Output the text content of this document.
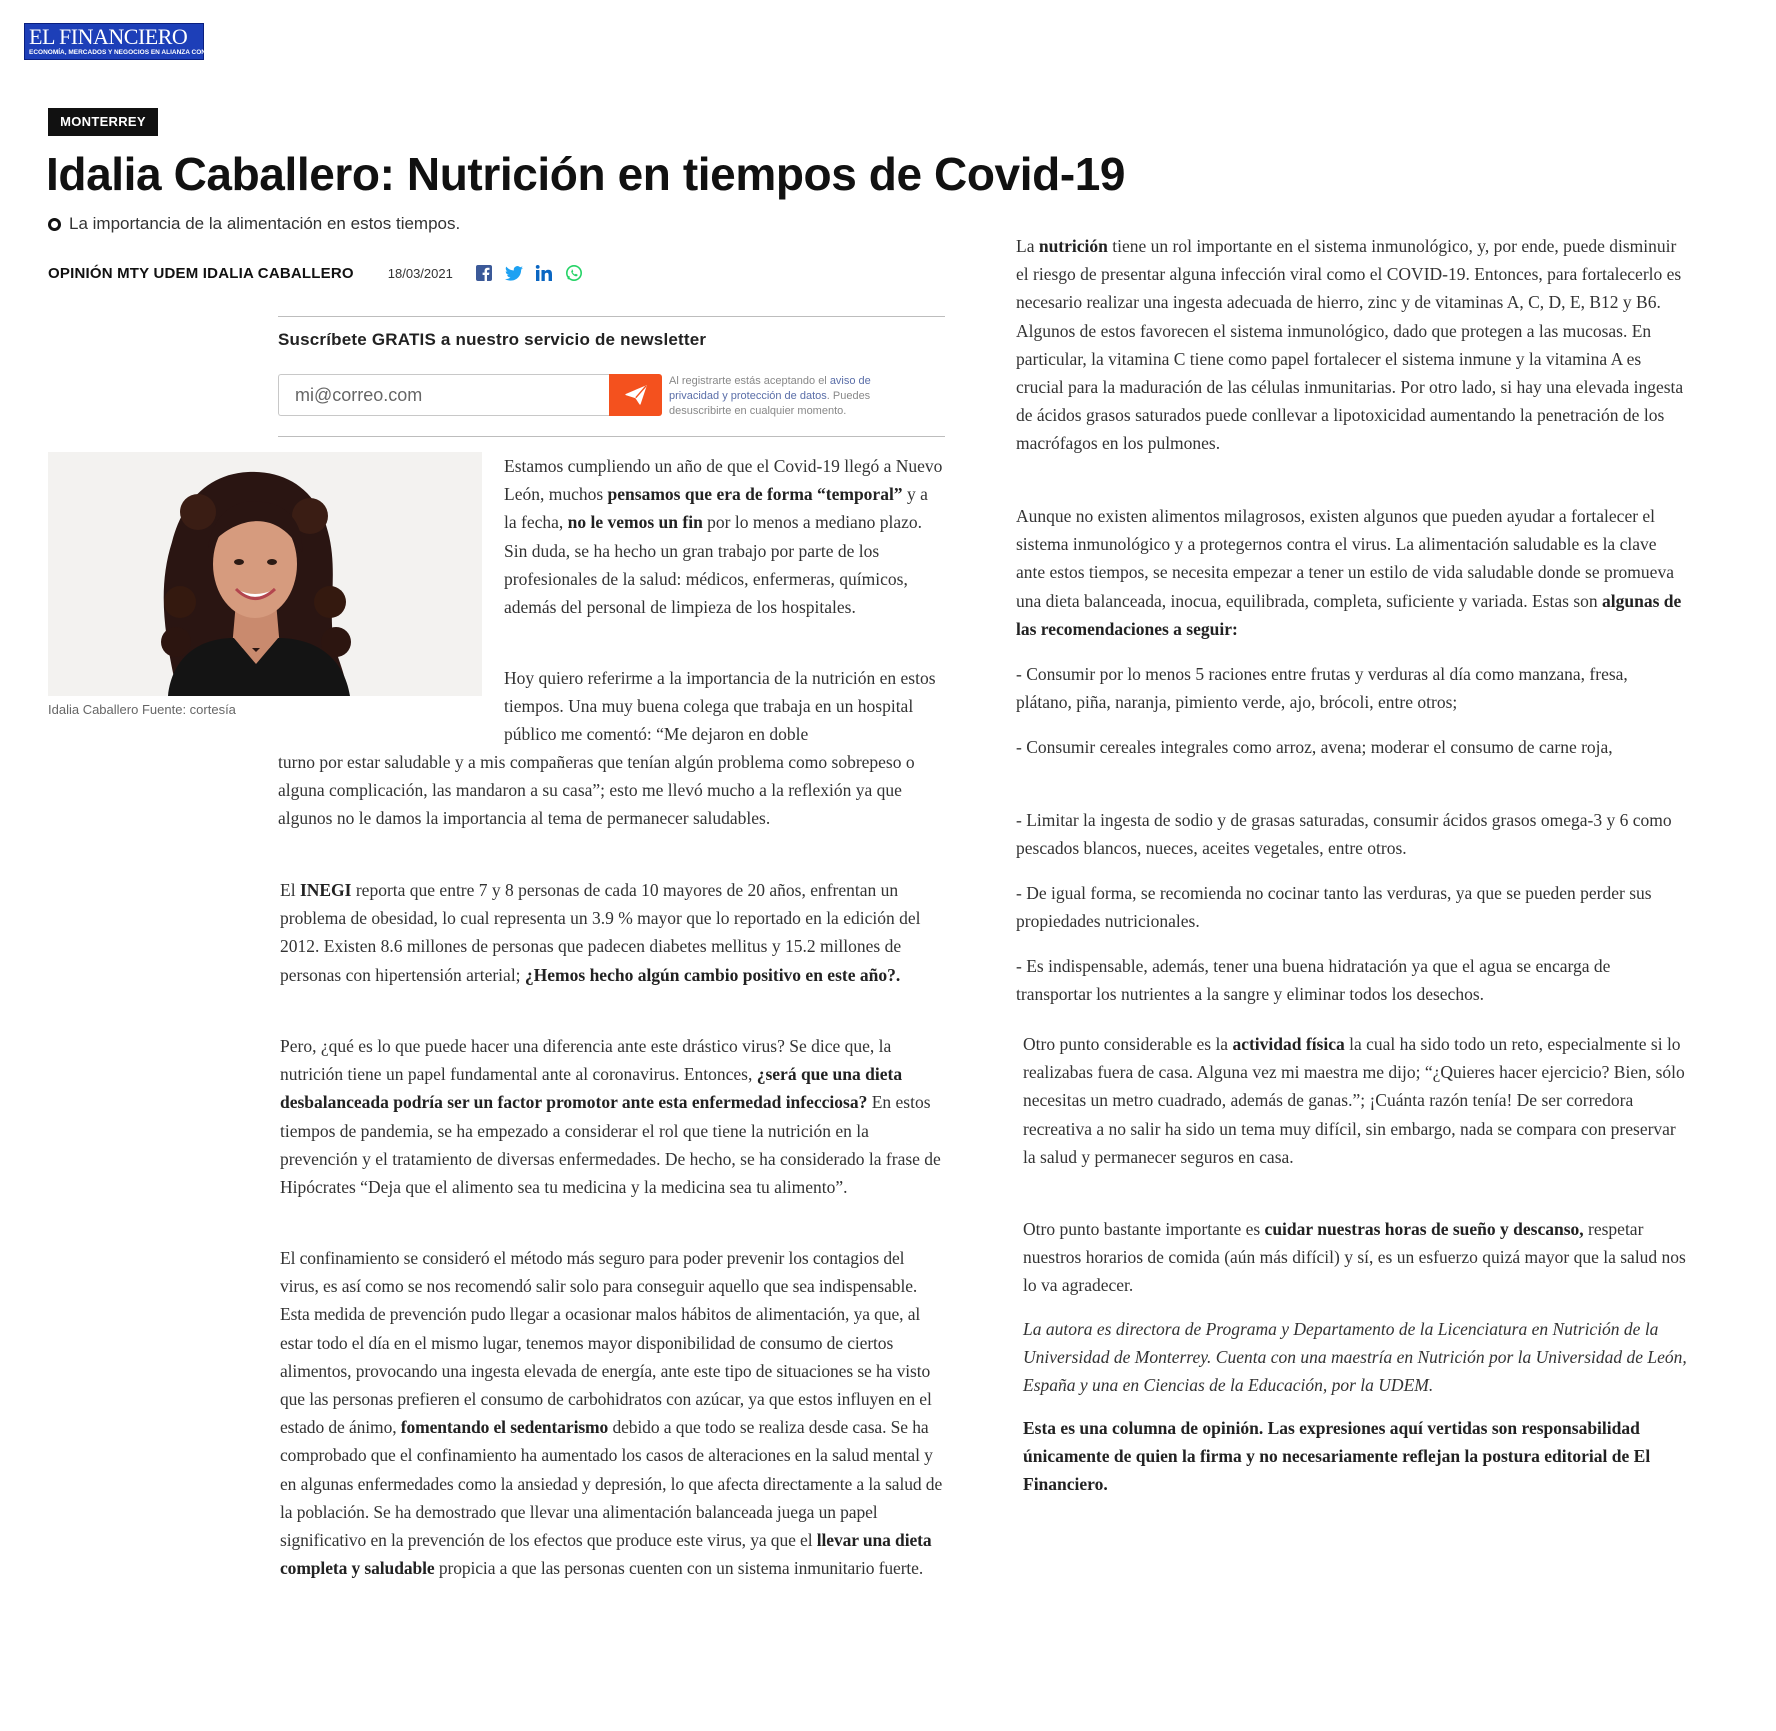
EL FINANCIERO
ECONOMÍA, MERCADOS Y NEGOCIOS EN ALIANZA CON Bloomberg
MONTERREY
Idalia Caballero: Nutrición en tiempos de Covid-19
La importancia de la alimentación en estos tiempos.
OPINIÓN MTY UDEM IDALIA CABALLERO	18/03/2021
Suscríbete GRATIS a nuestro servicio de newsletter
mi@correo.com
Al registrarte estás aceptando el aviso de privacidad y protección de datos. Puedes desuscribirte en cualquier momento.
Idalia Caballero Fuente: cortesía

Estamos cumpliendo un año de que el Covid-19 llegó a Nuevo León, muchos pensamos que era de forma “temporal” y a la fecha, no le vemos un fin por lo menos a mediano plazo. Sin duda, se ha hecho un gran trabajo por parte de los profesionales de la salud: médicos, enfermeras, químicos, además del personal de limpieza de los hospitales.

Hoy quiero referirme a la importancia de la nutrición en estos tiempos. Una muy buena colega que trabaja en un hospital público me comentó: “Me dejaron en doble

turno por estar saludable y a mis compañeras que tenían algún problema como sobrepeso o alguna complicación, las mandaron a su casa”; esto me llevó mucho a la reflexión ya que algunos no le damos la importancia al tema de permanecer saludables.

El INEGI reporta que entre 7 y 8 personas de cada 10 mayores de 20 años, enfrentan un problema de obesidad, lo cual representa un 3.9 % mayor que lo reportado en la edición del 2012. Existen 8.6 millones de personas que padecen diabetes mellitus y 15.2 millones de personas con hipertensión arterial; ¿Hemos hecho algún cambio positivo en este año?.

Pero, ¿qué es lo que puede hacer una diferencia ante este drástico virus? Se dice que, la nutrición tiene un papel fundamental ante al coronavirus. Entonces, ¿será que una dieta desbalanceada podría ser un factor promotor ante esta enfermedad infecciosa? En estos tiempos de pandemia, se ha empezado a considerar el rol que tiene la nutrición en la prevención y el tratamiento de diversas enfermedades. De hecho, se ha considerado la frase de Hipócrates “Deja que el alimento sea tu medicina y la medicina sea tu alimento”.

El confinamiento se consideró el método más seguro para poder prevenir los contagios del virus, es así como se nos recomendó salir solo para conseguir aquello que sea indispensable. Esta medida de prevención pudo llegar a ocasionar malos hábitos de alimentación, ya que, al estar todo el día en el mismo lugar, tenemos mayor disponibilidad de consumo de ciertos alimentos, provocando una ingesta elevada de energía, ante este tipo de situaciones se ha visto que las personas prefieren el consumo de carbohidratos con azúcar, ya que estos influyen en el estado de ánimo, fomentando el sedentarismo debido a que todo se realiza desde casa. Se ha comprobado que el confinamiento ha aumentado los casos de alteraciones en la salud mental y en algunas enfermedades como la ansiedad y depresión, lo que afecta directamente a la salud de la población. Se ha demostrado que llevar una alimentación balanceada juega un papel significativo en la prevención de los efectos que produce este virus, ya que el llevar una dieta completa y saludable propicia a que las personas cuenten con un sistema inmunitario fuerte.

La nutrición tiene un rol importante en el sistema inmunológico, y, por ende, puede disminuir el riesgo de presentar alguna infección viral como el COVID-19. Entonces, para fortalecerlo es necesario realizar una ingesta adecuada de hierro, zinc y de vitaminas A, C, D, E, B12 y B6. Algunos de estos favorecen el sistema inmunológico, dado que protegen a las mucosas. En particular, la vitamina C tiene como papel fortalecer el sistema inmune y la vitamina A es crucial para la maduración de las células inmunitarias. Por otro lado, si hay una elevada ingesta de ácidos grasos saturados puede conllevar a lipotoxicidad aumentando la penetración de los macrófagos en los pulmones.

Aunque no existen alimentos milagrosos, existen algunos que pueden ayudar a fortalecer el sistema inmunológico y a protegernos contra el virus. La alimentación saludable es la clave ante estos tiempos, se necesita empezar a tener un estilo de vida saludable donde se promueva una dieta balanceada, inocua, equilibrada, completa, suficiente y variada. Estas son algunas de las recomendaciones a seguir:

- Consumir por lo menos 5 raciones entre frutas y verduras al día como manzana, fresa, plátano, piña, naranja, pimiento verde, ajo, brócoli, entre otros;

- Consumir cereales integrales como arroz, avena; moderar el consumo de carne roja,

- Limitar la ingesta de sodio y de grasas saturadas, consumir ácidos grasos omega-3 y 6 como pescados blancos, nueces, aceites vegetales, entre otros.

- De igual forma, se recomienda no cocinar tanto las verduras, ya que se pueden perder sus propiedades nutricionales.

- Es indispensable, además, tener una buena hidratación ya que el agua se encarga de transportar los nutrientes a la sangre y eliminar todos los desechos.

Otro punto considerable es la actividad física la cual ha sido todo un reto, especialmente si lo realizabas fuera de casa. Alguna vez mi maestra me dijo; “¿Quieres hacer ejercicio? Bien, sólo necesitas un metro cuadrado, además de ganas.”; ¡Cuánta razón tenía! De ser corredora recreativa a no salir ha sido un tema muy difícil, sin embargo, nada se compara con preservar la salud y permanecer seguros en casa.

Otro punto bastante importante es cuidar nuestras horas de sueño y descanso, respetar nuestros horarios de comida (aún más difícil) y sí, es un esfuerzo quizá mayor que la salud nos lo va agradecer.

La autora es directora de Programa y Departamento de la Licenciatura en Nutrición de la Universidad de Monterrey. Cuenta con una maestría en Nutrición por la Universidad de León, España y una en Ciencias de la Educación, por la UDEM.

Esta es una columna de opinión. Las expresiones aquí vertidas son responsabilidad únicamente de quien la firma y no necesariamente reflejan la postura editorial de El Financiero.
